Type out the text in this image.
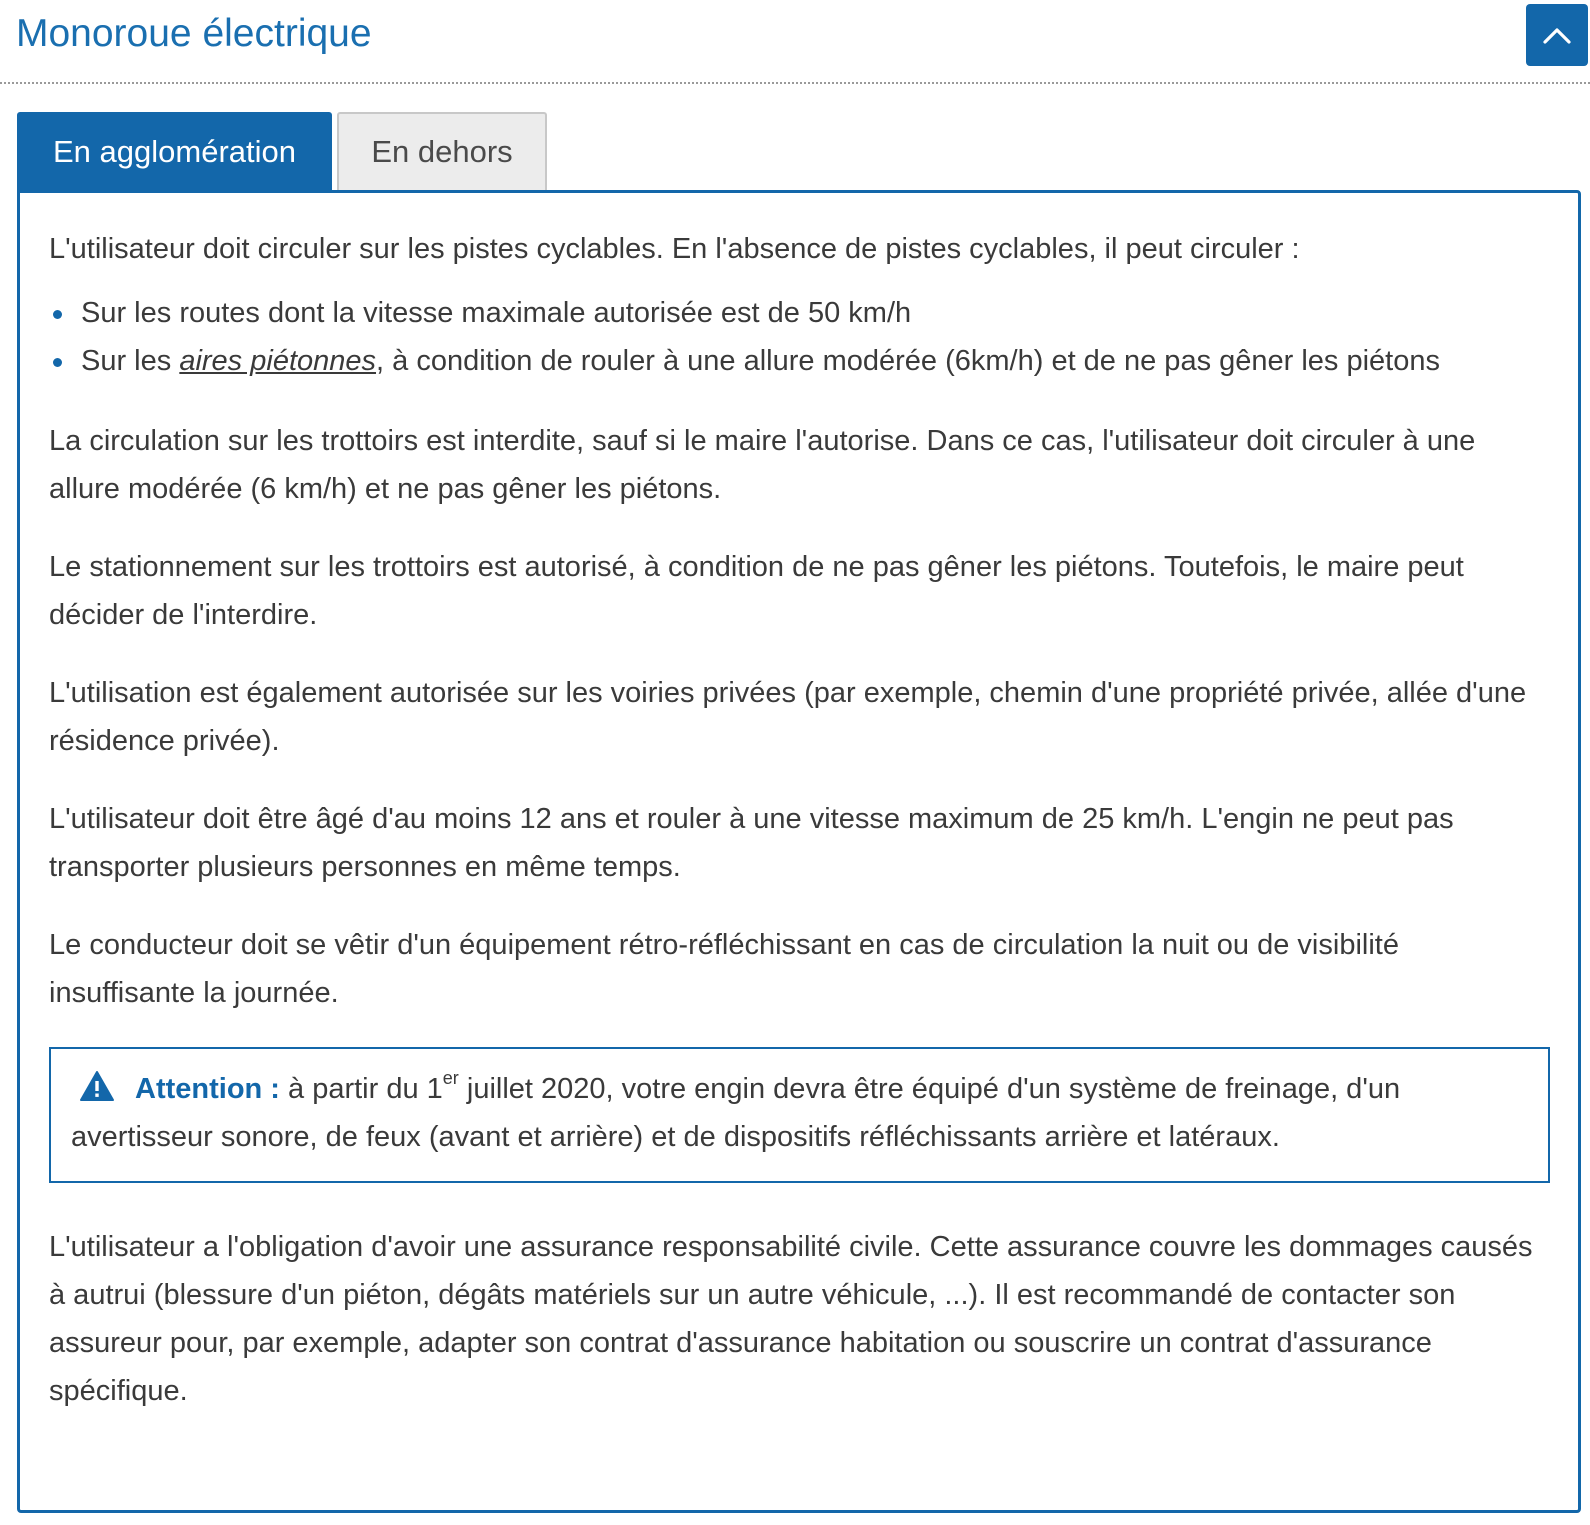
Monoroue électrique
En agglomération	En dehors

L'utilisateur doit circuler sur les pistes cyclables. En l'absence de pistes cyclables, il peut circuler :

Sur les routes dont la vitesse maximale autorisée est de 50 km/h
Sur les aires piétonnes, à condition de rouler à une allure modérée (6km/h) et de ne pas gêner les piétons

La circulation sur les trottoirs est interdite, sauf si le maire l'autorise. Dans ce cas, l'utilisateur doit circuler à une allure modérée (6 km/h) et ne pas gêner les piétons.

Le stationnement sur les trottoirs est autorisé, à condition de ne pas gêner les piétons. Toutefois, le maire peut décider de l'interdire.

L'utilisation est également autorisée sur les voiries privées (par exemple, chemin d'une propriété privée, allée d'une résidence privée).

L'utilisateur doit être âgé d'au moins 12 ans et rouler à une vitesse maximum de 25 km/h. L'engin ne peut pas transporter plusieurs personnes en même temps.

Le conducteur doit se vêtir d'un équipement rétro-réfléchissant en cas de circulation la nuit ou de visibilité insuffisante la journée.

Attention : à partir du 1er juillet 2020, votre engin devra être équipé d'un système de freinage, d'un avertisseur sonore, de feux (avant et arrière) et de dispositifs réfléchissants arrière et latéraux.

L'utilisateur a l'obligation d'avoir une assurance responsabilité civile. Cette assurance couvre les dommages causés à autrui (blessure d'un piéton, dégâts matériels sur un autre véhicule, ...). Il est recommandé de contacter son assureur pour, par exemple, adapter son contrat d'assurance habitation ou souscrire un contrat d'assurance spécifique.
